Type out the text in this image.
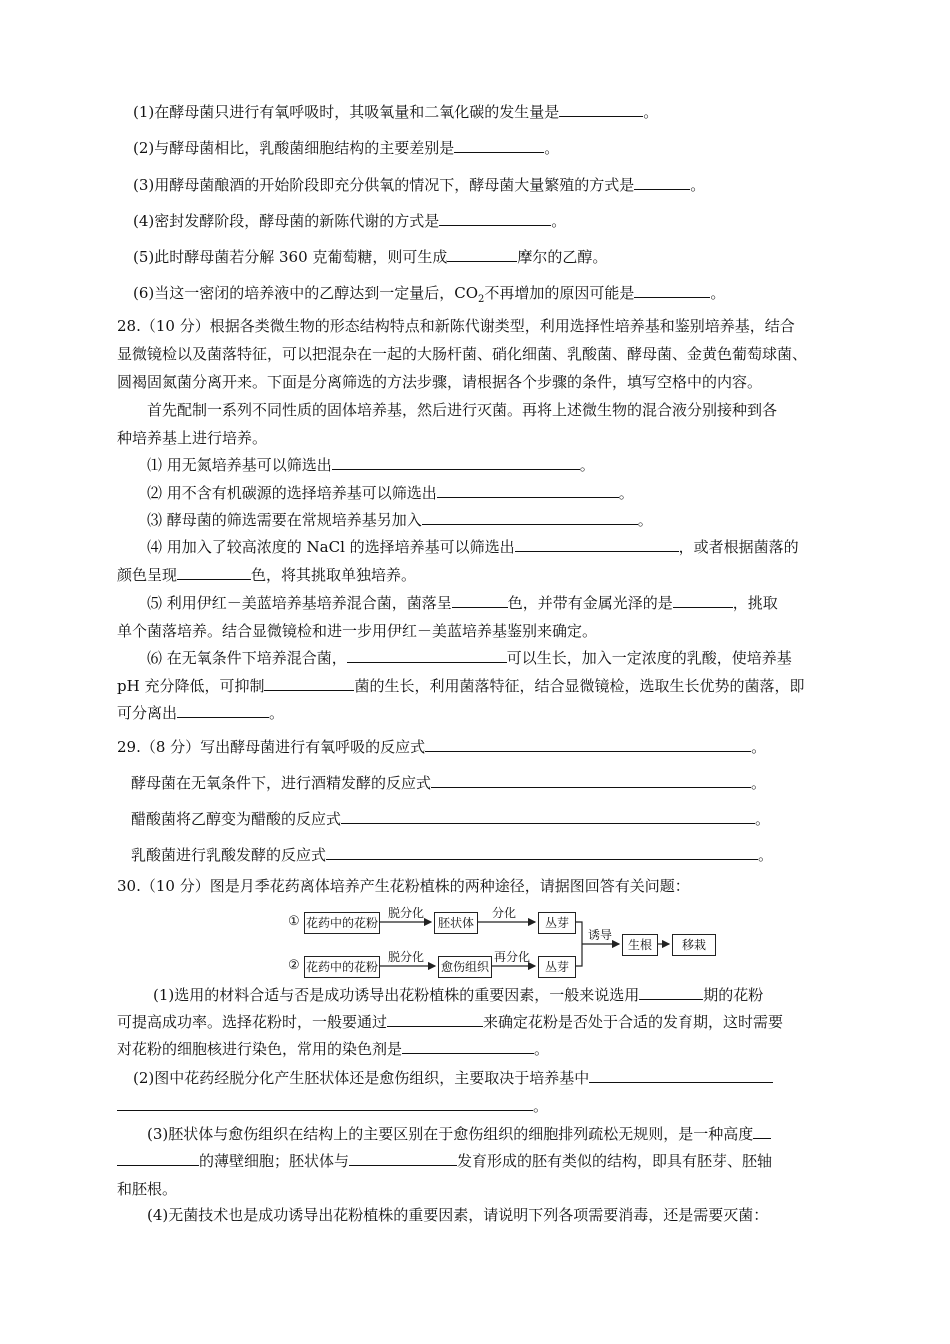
(1)在酵母菌只进行有氧呼吸时，其吸氧量和二氧化碳的发生量是	。
(2)与酵母菌相比，乳酸菌细胞结构的主要差别是	。
(3)用酵母菌酿酒的开始阶段即充分供氧的情况下，酵母菌大量繁殖的方式是	。
(4)密封发酵阶段，酵母菌的新陈代谢的方式是	。
(5)此时酵母菌若分解 360 克葡萄糖，则可生成	摩尔的乙醇。
(6)当这一密闭的培养液中的乙醇达到一定量后，$CO_2$不再增加的原因可能是	。
28.（10 分）根据各类微生物的形态结构特点和新陈代谢类型，利用选择性培养基和鉴别培养基，结合
显微镜检以及菌落特征，可以把混杂在一起的大肠杆菌、硝化细菌、乳酸菌、酵母菌、金黄色葡萄球菌、
圆褐固氮菌分离开来。下面是分离筛选的方法步骤，请根据各个步骤的条件，填写空格中的内容。
首先配制一系列不同性质的固体培养基，然后进行灭菌。再将上述微生物的混合液分别接种到各
种培养基上进行培养。
⑴ 用无氮培养基可以筛选出	。
⑵ 用不含有机碳源的选择培养基可以筛选出	。
⑶ 酵母菌的筛选需要在常规培养基另加入	。
⑷ 用加入了较高浓度的 NaCl 的选择培养基可以筛选出	，或者根据菌落的
颜色呈现	色，将其挑取单独培养。
⑸ 利用伊红－美蓝培养基培养混合菌，菌落呈	色，并带有金属光泽的是	，挑取
单个菌落培养。结合显微镜检和进一步用伊红－美蓝培养基鉴别来确定。
⑹ 在无氧条件下培养混合菌，	可以生长，加入一定浓度的乳酸，使培养基
pH 充分降低，可抑制	菌的生长，利用菌落特征，结合显微镜检，选取生长优势的菌落，即
可分离出	。
29.（8 分）写出酵母菌进行有氧呼吸的反应式	。
酵母菌在无氧条件下，进行酒精发酵的反应式	。
醋酸菌将乙醇变为醋酸的反应式	。
乳酸菌进行乳酸发酵的反应式	。
30.（10 分）图是月季花药离体培养产生花粉植株的两种途径，请据图回答有关问题：
① 花药中的花粉
脱分化
胚状体
分化
丛芽
② 花药中的花粉
脱分化
愈伤组织
再分化
丛芽
诱导
生根	移栽
(1)选用的材料合适与否是成功诱导出花粉植株的重要因素，一般来说选用	期的花粉
可提高成功率。选择花粉时，一般要通过	来确定花粉是否处于合适的发育期，这时需要
对花粉的细胞核进行染色，常用的染色剂是	。
(2)图中花药经脱分化产生胚状体还是愈伤组织，主要取决于培养基中
。
(3)胚状体与愈伤组织在结构上的主要区别在于愈伤组织的细胞排列疏松无规则，是一种高度
的薄壁细胞；胚状体与	发育形成的胚有类似的结构，即具有胚芽、胚轴
和胚根。
(4)无菌技术也是成功诱导出花粉植株的重要因素，请说明下列各项需要消毒，还是需要灭菌：
